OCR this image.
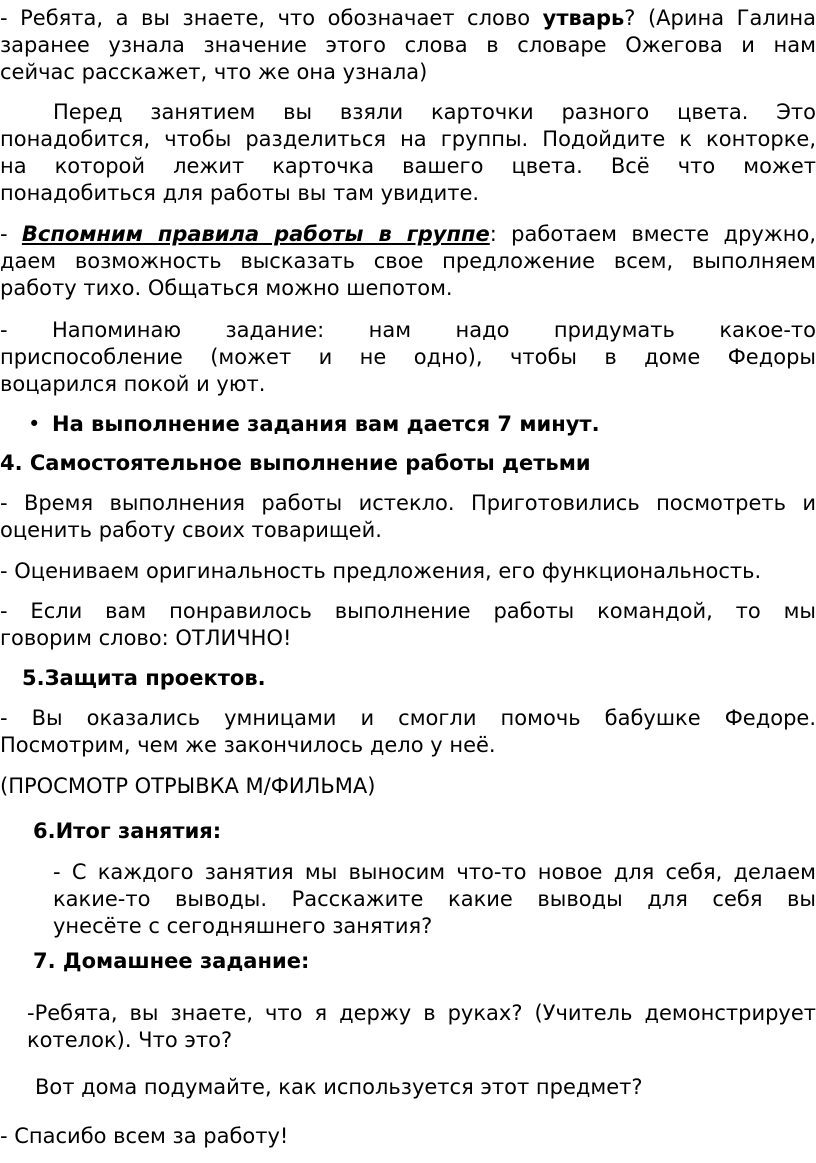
- Ребята, а вы знаете, что обозначает слово утварь? (Арина Галина
заранее узнала значение этого слова в словаре Ожегова и нам
сейчас расскажет, что же она узнала)
Перед занятием вы взяли карточки разного цвета. Это
понадобится, чтобы разделиться на группы. Подойдите к конторке,
на которой лежит карточка вашего цвета. Всё что может
понадобиться для работы вы там увидите.
- Вспомним правила работы в группе: работаем вместе дружно,
даем возможность высказать свое предложение всем, выполняем
работу тихо. Общаться можно шепотом.
- Напоминаю задание: нам надо придумать какое-то
приспособление (может и не одно), чтобы в доме Федоры
воцарился покой и уют.
• На выполнение задания вам дается 7 минут.
4. Самостоятельное выполнение работы детьми
- Время выполнения работы истекло. Приготовились посмотреть и
оценить работу своих товарищей.
- Оцениваем оригинальность предложения, его функциональность.
- Если вам понравилось выполнение работы командой, то мы
говорим слово: ОТЛИЧНО!
5.Защита проектов.
- Вы оказались умницами и смогли помочь бабушке Федоре.
Посмотрим, чем же закончилось дело у неё.
(ПРОСМОТР ОТРЫВКА М/ФИЛЬМА)
6.Итог занятия:
- С каждого занятия мы выносим что-то новое для себя, делаем
какие-то выводы. Расскажите какие выводы для себя вы
унесёте с сегодняшнего занятия?
7. Домашнее задание:
-Ребята, вы знаете, что я держу в руках? (Учитель демонстрирует
котелок). Что это?
Вот дома подумайте, как используется этот предмет?
- Спасибо всем за работу!
